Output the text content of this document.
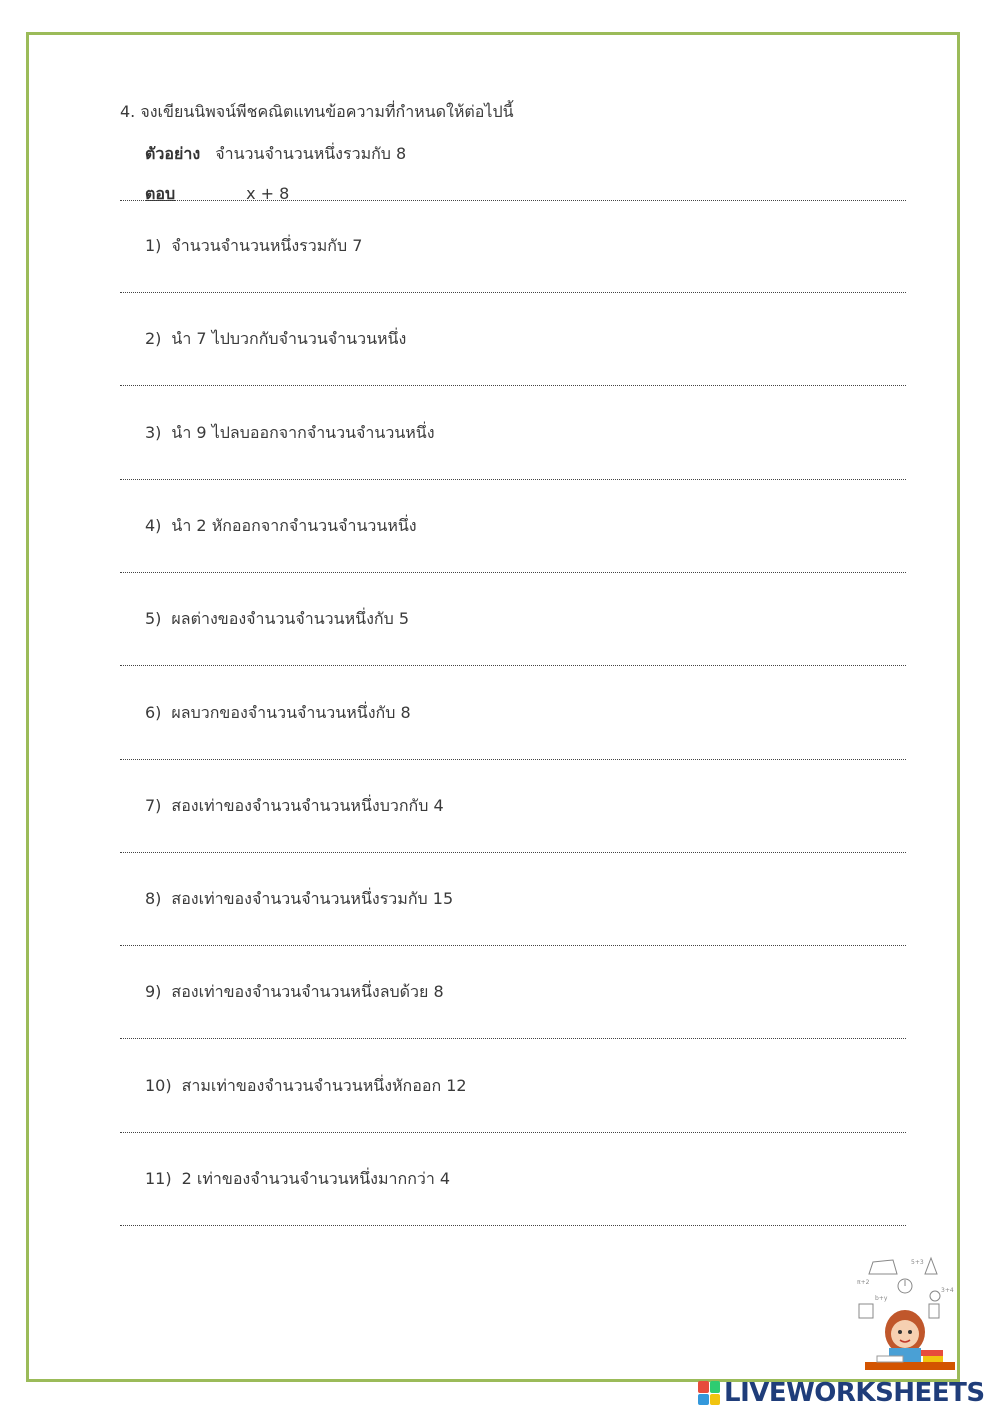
4. จงเขียนนิพจน์พีชคณิตแทนข้อความที่กำหนดให้ต่อไปนี้
ตัวอย่าง จำนวนจำนวนหนึ่งรวมกับ 8
ตอบ	x + 8
1) จำนวนจำนวนหนึ่งรวมกับ 7
2) นำ 7 ไปบวกกับจำนวนจำนวนหนึ่ง
3) นำ 9 ไปลบออกจากจำนวนจำนวนหนึ่ง
4) นำ 2 หักออกจากจำนวนจำนวนหนึ่ง
5) ผลต่างของจำนวนจำนวนหนึ่งกับ 5
6) ผลบวกของจำนวนจำนวนหนึ่งกับ 8
7) สองเท่าของจำนวนจำนวนหนึ่งบวกกับ 4
8) สองเท่าของจำนวนจำนวนหนึ่งรวมกับ 15
9) สองเท่าของจำนวนจำนวนหนึ่งลบด้วย 8
10) สามเท่าของจำนวนจำนวนหนึ่งหักออก 12
11) 2 เท่าของจำนวนจำนวนหนึ่งมากกว่า 4
π+2
b+y
3+4
5+3
LIVEWORKSHEETS
